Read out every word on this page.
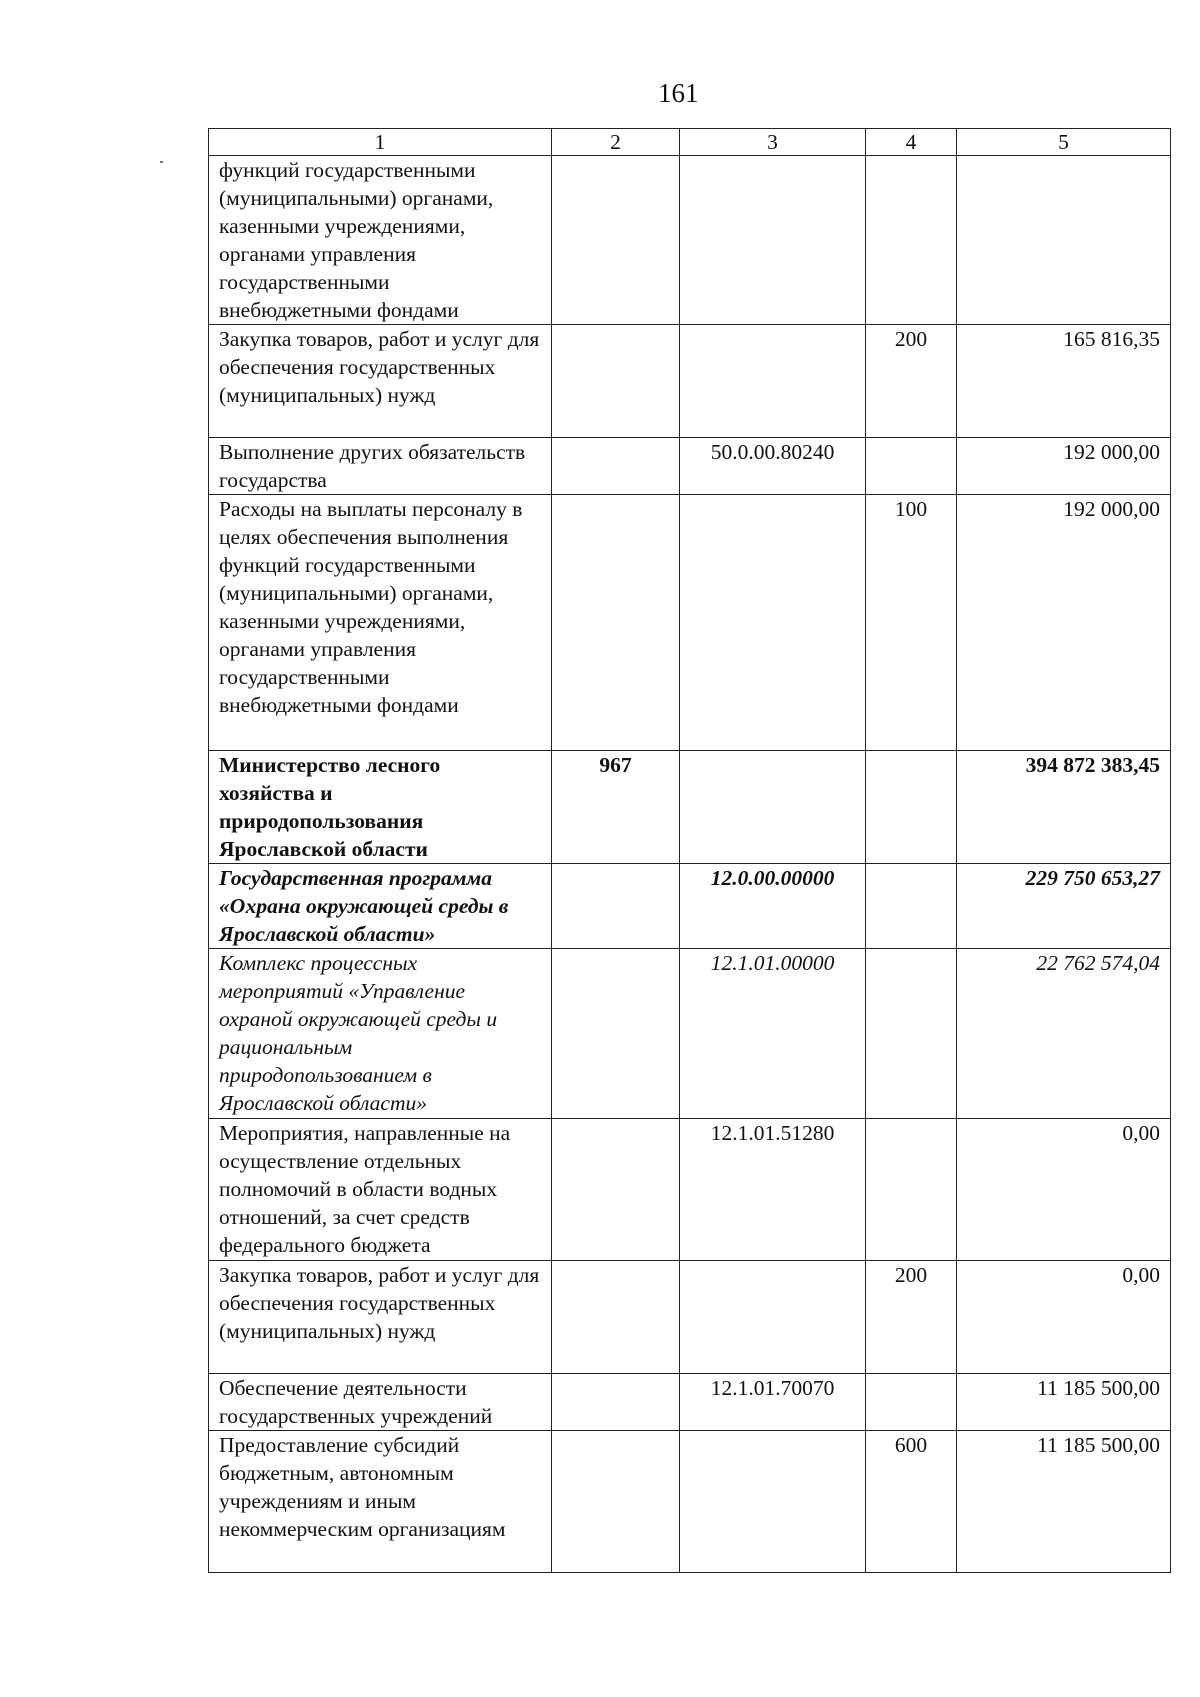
161
1	2	3	4	5
функций государственными (муниципальными) органами, казенными учреждениями, органами управления государственными внебюджетными фондами				
Закупка товаров, работ и услуг для обеспечения государственных (муниципальных) нужд			200	165 816,35
Выполнение других обязательств государства		50.0.00.80240		192 000,00
Расходы на выплаты персоналу в целях обеспечения выполнения функций государственными (муниципальными) органами, казенными учреждениями, органами управления государственными внебюджетными фондами			100	192 000,00
Министерство лесного хозяйства и природопользования Ярославской области	967			394 872 383,45
Государственная программа «Охрана окружающей среды в Ярославской области»		12.0.00.00000		229 750 653,27
Комплекс процессных мероприятий «Управление охраной окружающей среды и рациональным природопользованием в Ярославской области»		12.1.01.00000		22 762 574,04
Мероприятия, направленные на осуществление отдельных полномочий в области водных отношений, за счет средств федерального бюджета		12.1.01.51280		0,00
Закупка товаров, работ и услуг для обеспечения государственных (муниципальных) нужд			200	0,00
Обеспечение деятельности государственных учреждений		12.1.01.70070		11 185 500,00
Предоставление субсидий бюджетным, автономным учреждениям и иным некоммерческим организациям			600	11 185 500,00
